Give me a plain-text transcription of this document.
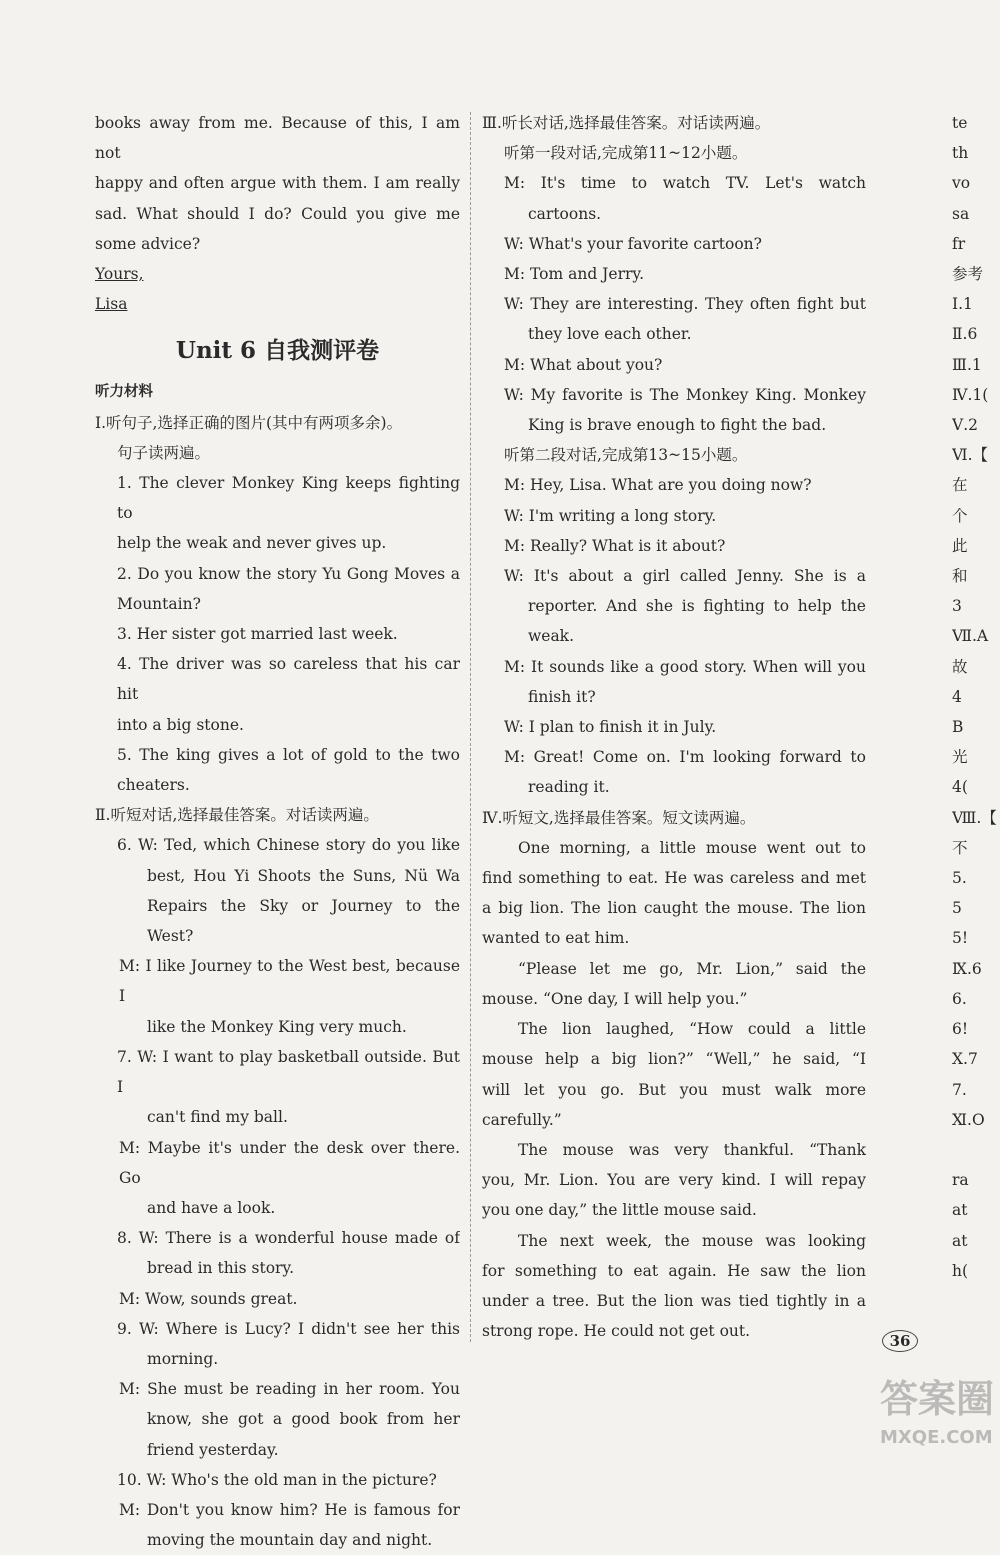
books away from me. Because of this, I am not
happy and often argue with them. I am really
sad. What should I do? Could you give me
some advice?
Yours,
Lisa
Unit 6 自我测评卷
听力材料
Ⅰ.听句子,选择正确的图片(其中有两项多余)。
句子读两遍。
1. The clever Monkey King keeps fighting to
help the weak and never gives up.
2. Do you know the story Yu Gong Moves a
Mountain?
3. Her sister got married last week.
4. The driver was so careless that his car hit
into a big stone.
5. The king gives a lot of gold to the two
cheaters.
Ⅱ.听短对话,选择最佳答案。对话读两遍。
6. W: Ted, which Chinese story do you like
best, Hou Yi Shoots the Suns, Nü Wa
Repairs the Sky or Journey to the
West?
M: I like Journey to the West best, because I
like the Monkey King very much.
7. W: I want to play basketball outside. But I
can't find my ball.
M: Maybe it's under the desk over there. Go
and have a look.
8. W: There is a wonderful house made of
bread in this story.
M: Wow, sounds great.
9. W: Where is Lucy? I didn't see her this
morning.
M: She must be reading in her room. You
know, she got a good book from her
friend yesterday.
10. W: Who's the old man in the picture?
M: Don't you know him? He is famous for
moving the mountain day and night.
Ⅲ.听长对话,选择最佳答案。对话读两遍。
听第一段对话,完成第11~12小题。
M: It's time to watch TV. Let's watch
cartoons.
W: What's your favorite cartoon?
M: Tom and Jerry.
W: They are interesting. They often fight but
they love each other.
M: What about you?
W: My favorite is The Monkey King. Monkey
King is brave enough to fight the bad.
听第二段对话,完成第13~15小题。
M: Hey, Lisa. What are you doing now?
W: I'm writing a long story.
M: Really? What is it about?
W: It's about a girl called Jenny. She is a
reporter. And she is fighting to help the
weak.
M: It sounds like a good story. When will you
finish it?
W: I plan to finish it in July.
M: Great! Come on. I'm looking forward to
reading it.
Ⅳ.听短文,选择最佳答案。短文读两遍。
One morning, a little mouse went out to
find something to eat. He was careless and met
a big lion. The lion caught the mouse. The lion
wanted to eat him.
“Please let me go, Mr. Lion,” said the
mouse. “One day, I will help you.”
The lion laughed, “How could a little
mouse help a big lion?” “Well,” he said, “I
will let you go. But you must walk more
carefully.”
The mouse was very thankful. “Thank
you, Mr. Lion. You are very kind. I will repay
you one day,” the little mouse said.
The next week, the mouse was looking
for something to eat again. He saw the lion
under a tree. But the lion was tied tightly in a
strong rope. He could not get out.
te
th
vo
sa
fr
参考
Ⅰ.1
Ⅱ.6
Ⅲ.1
Ⅳ.1(
Ⅴ.2
Ⅵ.【
在
个
此
和
3
Ⅶ.A
故
4
B
光
4(
Ⅷ.【
不
5.
5
5!
Ⅸ.6
6.
6!
Ⅹ.7
7.
Ⅺ.O

ra
at
at
h(
36
答案圈
MXQE.COM
